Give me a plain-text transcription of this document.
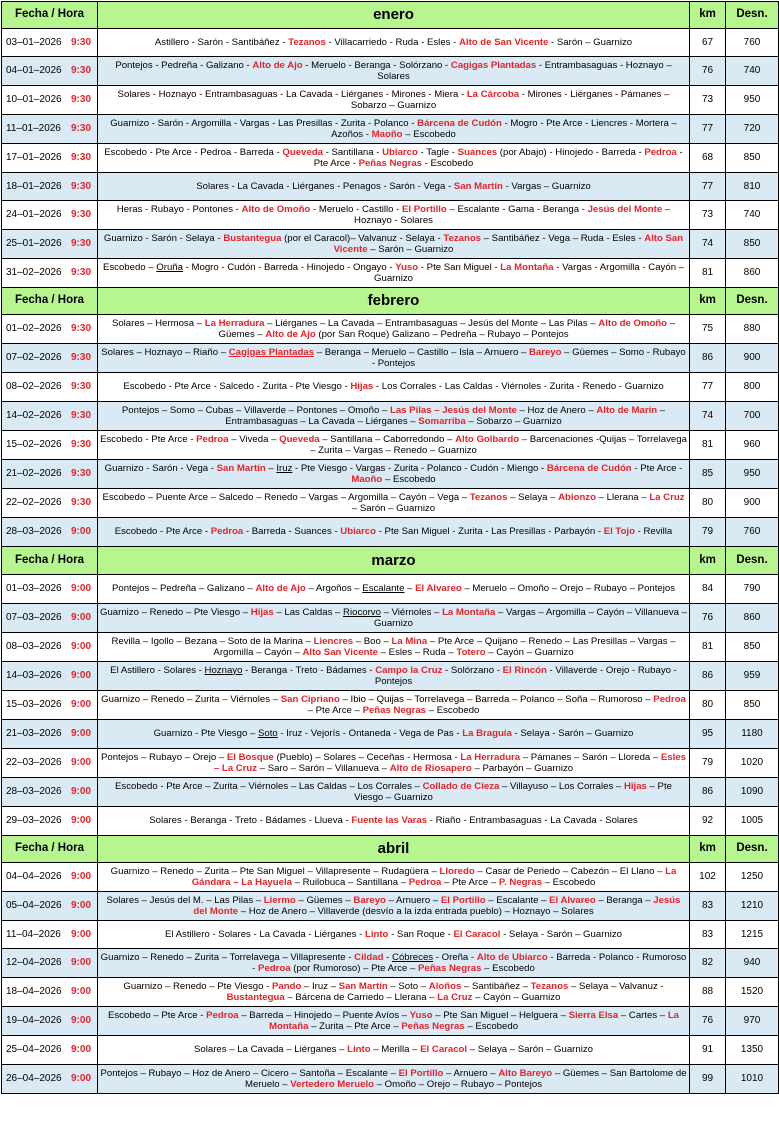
Fecha / Hora	enero	km	Desn.
03–01–2026 9:30	Astillero - Sarón - Santibáñez - Tezanos - Villacarriedo - Ruda - Esles - Alto de San Vicente - Sarón – Guarnizo	67	760
04–01–2026 9:30	Pontejos - Pedreña - Galizano - Alto de Ajo - Meruelo - Beranga - Solórzano - Cagigas Plantadas - Entrambasaguas - Hoznayo – Solares	76	740
10–01–2026 9:30	Solares - Hoznayo - Entrambasaguas - La Cavada - Liérganes - Mirones - Miera - La Cárcoba - Mirones - Liérganes - Pámanes – Sobarzo – Guarnizo	73	950
11–01–2026 9:30	Guarnizo - Sarón - Argomilla - Vargas - Las Presillas - Zurita - Polanco - Bárcena de Cudón - Mogro - Pte Arce - Liencres - Mortera – Azoños - Maoño – Escobedo	77	720
17–01–2026 9:30	Escobedo - Pte Arce - Pedroa - Barreda - Queveda - Santillana - Ubiarco - Tagle - Suances (por Abajo) - Hinojedo - Barreda - Pedroa - Pte Arce - Peñas Negras - Escobedo	68	850
18–01–2026 9:30	Solares - La Cavada - Liérganes - Penagos - Sarón - Vega - San Martín - Vargas – Guarnizo	77	810
24–01–2026 9:30	Heras - Rubayo - Pontones - Alto de Omoño - Meruelo - Castillo - El Portillo – Escalante - Gama - Beranga - Jesús del Monte – Hoznayo - Solares	73	740
25–01–2026 9:30	Guarnizo - Sarón - Selaya - Bustantegua (por el Caracol)– Valvanuz - Selaya - Tezanos – Santibáñez - Vega – Ruda - Esles - Alto San Vicente – Sarón – Guarnizo	74	850
31–02–2026 9:30	Escobedo – Oruña - Mogro - Cudón - Barreda - Hinojedo - Ongayo - Yuso - Pte San Miguel - La Montaña - Vargas - Argomilla - Cayón – Guarnizo	81	860
Fecha / Hora	febrero	km	Desn.
01–02–2026 9:30	Solares – Hermosa – La Herradura – Liérganes – La Cavada – Entrambasaguas – Jesús del Monte – Las Pilas – Alto de Omoño – Güemes – Alto de Ajo (por San Roque) Galizano – Pedreña – Rubayo – Pontejos	75	880
07–02–2026 9:30	Solares – Hoznayo – Riaño – Cagigas Plantadas – Beranga – Meruelo – Castillo – Isla – Arnuero – Bareyo – Güemes – Somo - Rubayo - Pontejos	86	900
08–02–2026 9:30	Escobedo - Pte Arce - Salcedo - Zurita - Pte Viesgo - Hijas - Los Corrales - Las Caldas - Viérnoles - Zurita - Renedo - Guarnizo	77	800
14–02–2026 9:30	Pontejos – Somo – Cubas – Villaverde – Pontones – Omoño – Las Pilas – Jesús del Monte – Hoz de Anero – Alto de Marín – Entrambasaguas – La Cavada – Liérganes – Somarriba – Sobarzo – Guarnizo	74	700
15–02–2026 9:30	Escobedo - Pte Arce - Pedroa – Viveda – Queveda – Santillana – Caborredondo – Alto Golbardo – Barcenaciones -Quijas – Torrelavega – Zurita – Vargas – Renedo – Guarnizo	81	960
21–02–2026 9:30	Guarnizo - Sarón - Vega - San Martín – Iruz - Pte Viesgo - Vargas - Zurita - Polanco - Cudón - Miengo - Bárcena de Cudón - Pte Arce - Maoño – Escobedo	85	950
22–02–2026 9:30	Escobedo – Puente Arce – Salcedo – Renedo – Vargas – Argomilla – Cayón – Vega – Tezanos – Selaya – Abionzo – Llerana – La Cruz – Sarón – Guarnizo	80	900
28–03–2026 9:00	Escobedo - Pte Arce - Pedroa - Barreda - Suances - Ubiarco - Pte San Miguel - Zurita - Las Presillas - Parbayón - El Tojo - Revilla	79	760
Fecha / Hora	marzo	km	Desn.
01–03–2026 9:00	Pontejos – Pedreña – Galizano – Alto de Ajo – Argoños – Escalante – El Alvareo – Meruelo – Omoño – Orejo – Rubayo – Pontejos	84	790
07–03–2026 9:00	Guarnizo – Renedo – Pte Viesgo – Hijas – Las Caldas – Riocorvo – Viérnoles – La Montaña – Vargas – Argomilla – Cayón – Villanueva – Guarnizo	76	860
08–03–2026 9:00	Revilla – Igollo – Bezana – Soto de la Marina – Liencres – Boo – La Mina – Pte Arce – Quijano – Renedo – Las Presillas – Vargas – Argomilla – Cayón – Alto San Vicente – Esles – Ruda – Totero – Cayón – Guarnizo	81	850
14–03–2026 9:00	El Astillero - Solares - Hoznayo - Beranga - Treto - Bádames - Campo la Cruz - Solórzano - El Rincón - Villaverde - Orejo - Rubayo - Pontejos	86	959
15–03–2026 9:00	Guarnizo – Renedo – Zurita – Viérnoles – San Cipriano – Ibio – Quijas – Torrelavega – Barreda – Polanco – Soña – Rumoroso – Pedroa – Pte Arce – Peñas Negras – Escobedo	80	850
21–03–2026 9:00	Guarnizo - Pte Viesgo – Soto - Iruz - Vejorís - Ontaneda - Vega de Pas - La Braguía - Selaya - Sarón – Guarnizo	95	1180
22–03–2026 9:00	Pontejos – Rubayo – Orejo – El Bosque (Pueblo) – Solares – Ceceñas - Hermosa - La Herradura – Pámanes – Sarón – Lloreda – Esles – La Cruz – Saro – Sarón – Villanueva – Alto de Riosapero – Parbayón – Guarnizo	79	1020
28–03–2026 9:00	Escobedo - Pte Arce – Zurita – Viérnoles – Las Caldas – Los Corrales – Collado de Cieza – Villayuso – Los Corrales – Hijas – Pte Viesgo – Guarnizo	86	1090
29–03–2026 9:00	Solares - Beranga - Treto - Bádames - Llueva - Fuente las Varas - Riaño - Entrambasaguas - La Cavada - Solares	92	1005
Fecha / Hora	abril	km	Desn.
04–04–2026 9:00	Guarnizo – Renedo – Zurita – Pte San Miguel – Villapresente – Rudagüera – Lloredo – Casar de Periedo – Cabezón – El Llano – La Gándara – La Hayuela – Ruilobuca – Santillana – Pedroa – Pte Arce – P. Negras – Escobedo	102	1250
05–04–2026 9:00	Solares – Jesús del M. – Las Pilas – Liermo – Güemes – Bareyo – Arnuero – El Portillo – Escalante – El Alvareo – Beranga – Jesús del Monte – Hoz de Anero – Villaverde (desvío a la izda entrada pueblo) – Hoznayo – Solares	83	1210
11–04–2026 9:00	El Astillero - Solares - La Cavada - Liérganes - Linto - San Roque - El Caracol - Selaya - Sarón – Guarnizo	83	1215
12–04–2026 9:00	Guarnizo – Renedo – Zurita – Torrelavega – Villapresente - Cildad - Cóbreces - Oreña - Alto de Ubiarco - Barreda - Polanco - Rumoroso - Pedroa (por Rumoroso) – Pte Arce – Peñas Negras – Escobedo	82	940
18–04–2026 9:00	Guarnizo – Renedo – Pte Viesgo - Pando – Iruz – San Martín – Soto – Aloños – Santibáñez – Tezanos – Selaya – Valvanuz - Bustantegua – Bárcena de Carriedo – Llerana – La Cruz – Cayón – Guarnizo	88	1520
19–04–2026 9:00	Escobedo – Pte Arce - Pedroa – Barreda – Hinojedo – Puente Avíos – Yuso – Pte San Miguel – Helguera – Sierra Elsa – Cartes – La Montaña – Zurita – Pte Arce – Peñas Negras – Escobedo	76	970
25–04–2026 9:00	Solares – La Cavada – Liérganes – Linto – Merilla – El Caracol – Selaya – Sarón – Guarnizo	91	1350
26–04–2026 9:00	Pontejos – Rubayo – Hoz de Anero – Cicero – Santoña – Escalante – El Portillo – Arnuero – Alto Bareyo – Güemes – San Bartolome de Meruelo – Vertedero Meruelo – Omoño – Orejo – Rubayo – Pontejos	99	1010
